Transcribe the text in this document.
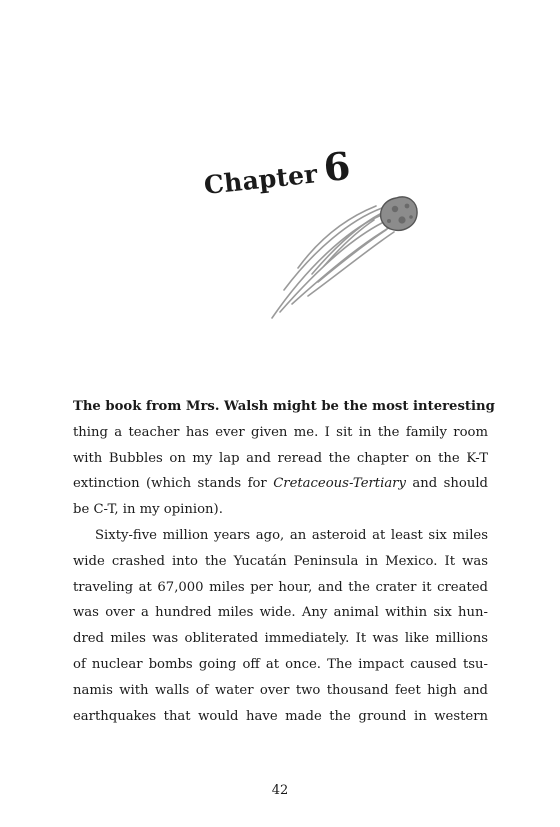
Chapter6
The book from Mrs. Walsh might be the most interesting
thing a teacher has ever given me. I sit in the family room
with Bubbles on my lap and reread the chapter on the K-T
extinction (which stands for Cretaceous-Tertiary and should
be C-T, in my opinion).
Sixty-five million years ago, an asteroid at least six miles
wide crashed into the Yucatán Peninsula in Mexico. It was
traveling at 67,000 miles per hour, and the crater it created
was over a hundred miles wide. Any animal within six hun-
dred miles was obliterated immediately. It was like millions
of nuclear bombs going off at once. The impact caused tsu-
namis with walls of water over two thousand feet high and
earthquakes that would have made the ground in western
42
